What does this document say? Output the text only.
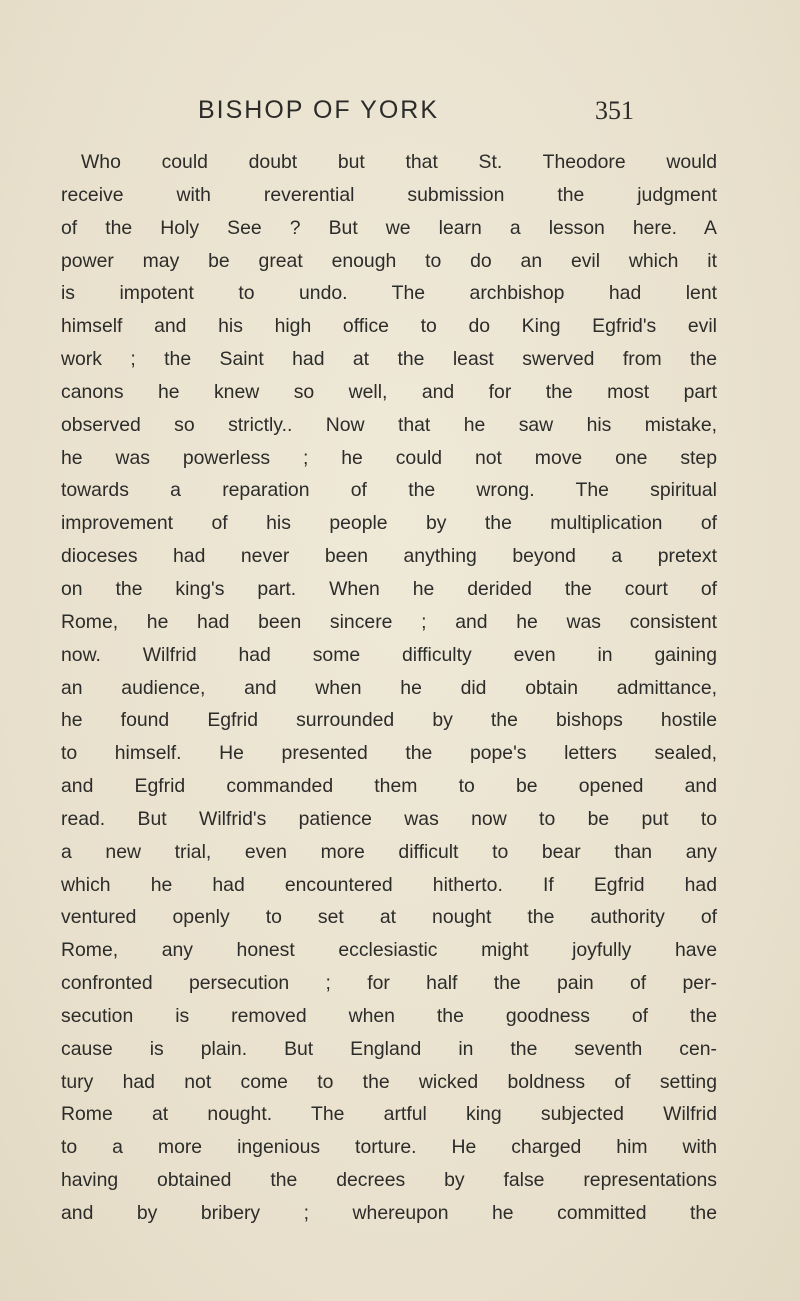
BISHOP OF YORK	351
Who could doubt but that St. Theodore would
receive with reverential submission the judgment
of the Holy See ? But we learn a lesson here. A
power may be great enough to do an evil which it
is impotent to undo. The archbishop had lent
himself and his high office to do King Egfrid's evil
work ; the Saint had at the least swerved from the
canons he knew so well, and for the most part
observed so strictly.. Now that he saw his mistake,
he was powerless ; he could not move one step
towards a reparation of the wrong. The spiritual
improvement of his people by the multiplication of
dioceses had never been anything beyond a pretext
on the king's part. When he derided the court of
Rome, he had been sincere ; and he was consistent
now. Wilfrid had some difficulty even in gaining
an audience, and when he did obtain admittance,
he found Egfrid surrounded by the bishops hostile
to himself. He presented the pope's letters sealed,
and Egfrid commanded them to be opened and
read. But Wilfrid's patience was now to be put to
a new trial, even more difficult to bear than any
which he had encountered hitherto. If Egfrid had
ventured openly to set at nought the authority of
Rome, any honest ecclesiastic might joyfully have
confronted persecution ; for half the pain of per-
secution is removed when the goodness of the
cause is plain. But England in the seventh cen-
tury had not come to the wicked boldness of setting
Rome at nought. The artful king subjected Wilfrid
to a more ingenious torture. He charged him with
having obtained the decrees by false representations
and by bribery ; whereupon he committed the
